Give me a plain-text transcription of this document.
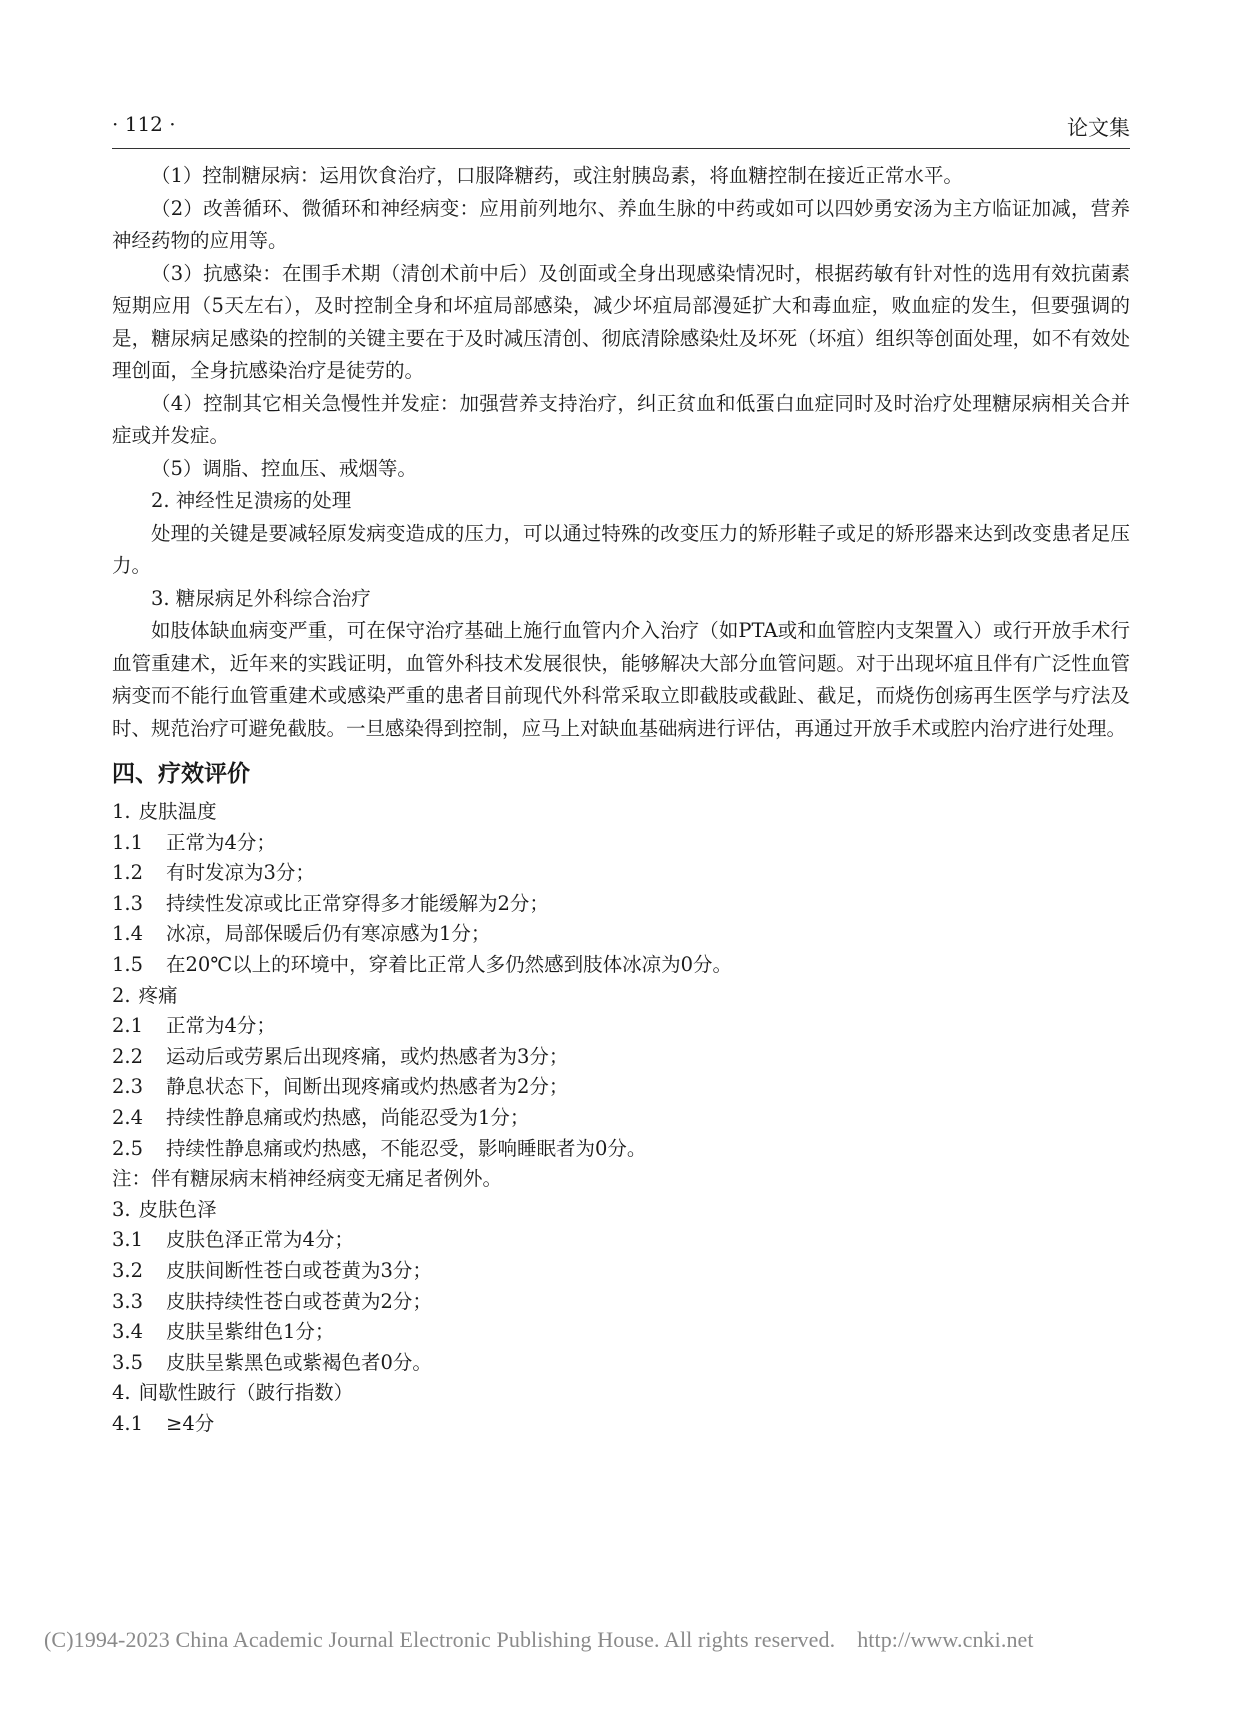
· 112 ·	论文集

（1）控制糖尿病：运用饮食治疗，口服降糖药，或注射胰岛素，将血糖控制在接近正常水平。

（2）改善循环、微循环和神经病变：应用前列地尔、养血生脉的中药或如可以四妙勇安汤为主方临证加减，营养神经药物的应用等。

（3）抗感染：在围手术期（清创术前中后）及创面或全身出现感染情况时，根据药敏有针对性的选用有效抗菌素短期应用（5天左右），及时控制全身和坏疽局部感染，减少坏疽局部漫延扩大和毒血症，败血症的发生，但要强调的是，糖尿病足感染的控制的关键主要在于及时减压清创、彻底清除感染灶及坏死（坏疽）组织等创面处理，如不有效处理创面，全身抗感染治疗是徒劳的。

（4）控制其它相关急慢性并发症：加强营养支持治疗，纠正贫血和低蛋白血症同时及时治疗处理糖尿病相关合并症或并发症。

（5）调脂、控血压、戒烟等。

2. 神经性足溃疡的处理

处理的关键是要减轻原发病变造成的压力，可以通过特殊的改变压力的矫形鞋子或足的矫形器来达到改变患者足压力。

3. 糖尿病足外科综合治疗

如肢体缺血病变严重，可在保守治疗基础上施行血管内介入治疗（如PTA或和血管腔内支架置入）或行开放手术行血管重建术，近年来的实践证明，血管外科技术发展很快，能够解决大部分血管问题。对于出现坏疽且伴有广泛性血管病变而不能行血管重建术或感染严重的患者目前现代外科常采取立即截肢或截趾、截足，而烧伤创疡再生医学与疗法及时、规范治疗可避免截肢。一旦感染得到控制，应马上对缺血基础病进行评估，再通过开放手术或腔内治疗进行处理。

四、疗效评价
1. 皮肤温度
1.1 正常为4分；
1.2 有时发凉为3分；
1.3 持续性发凉或比正常穿得多才能缓解为2分；
1.4 冰凉，局部保暖后仍有寒凉感为1分；
1.5 在20℃以上的环境中，穿着比正常人多仍然感到肢体冰凉为0分。
2. 疼痛
2.1 正常为4分；
2.2 运动后或劳累后出现疼痛，或灼热感者为3分；
2.3 静息状态下，间断出现疼痛或灼热感者为2分；
2.4 持续性静息痛或灼热感，尚能忍受为1分；
2.5 持续性静息痛或灼热感，不能忍受，影响睡眠者为0分。
注：伴有糖尿病末梢神经病变无痛足者例外。
3. 皮肤色泽
3.1 皮肤色泽正常为4分；
3.2 皮肤间断性苍白或苍黄为3分；
3.3 皮肤持续性苍白或苍黄为2分；
3.4 皮肤呈紫绀色1分；
3.5 皮肤呈紫黑色或紫褐色者0分。
4. 间歇性跛行（跛行指数）
4.1 ≥4分
(C)1994-2023 China Academic Journal Electronic Publishing House. All rights reserved. http://www.cnki.net
